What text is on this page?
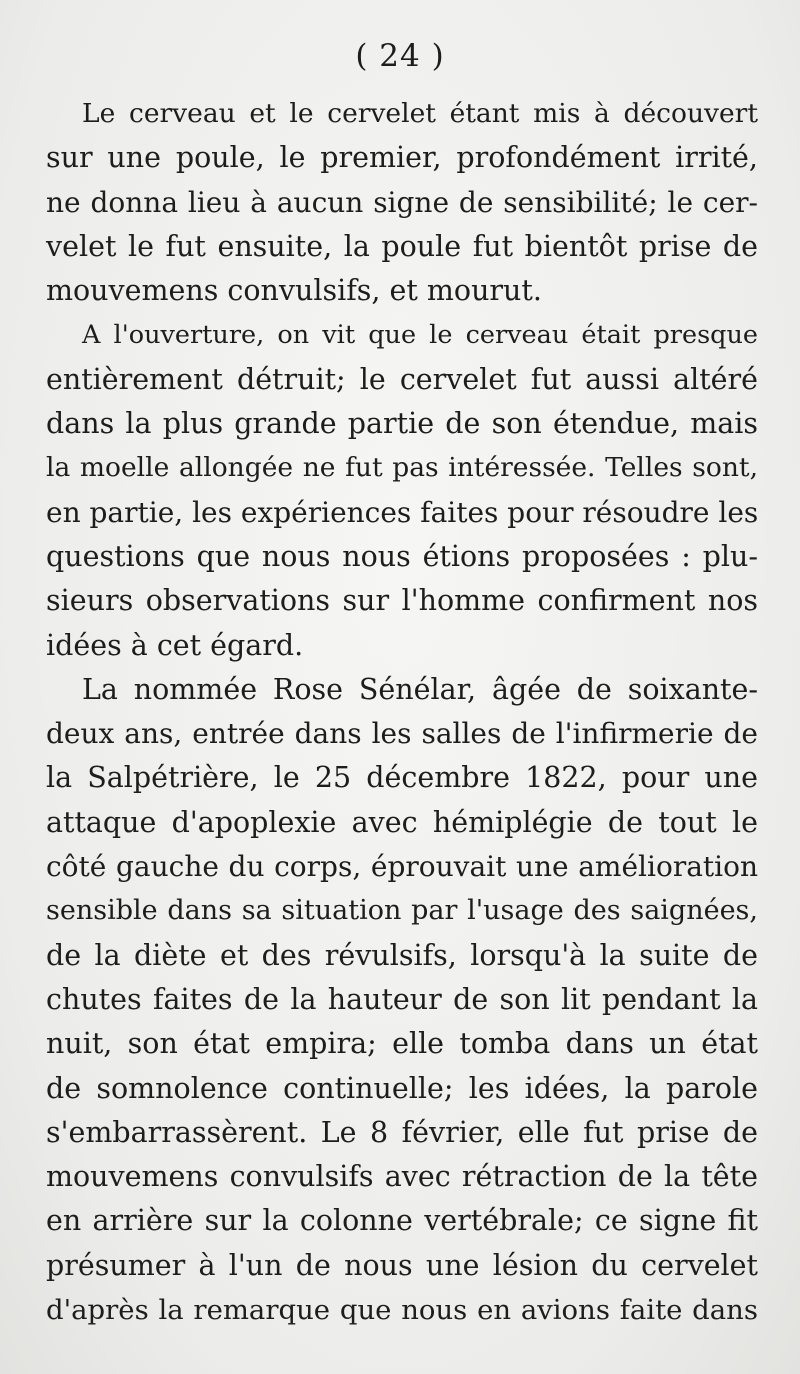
( 24 )
Le cerveau et le cervelet étant mis à découvert
sur une poule, le premier, profondément irrité,
ne donna lieu à aucun signe de sensibilité; le cer-
velet le fut ensuite, la poule fut bientôt prise de
mouvemens convulsifs, et mourut.
A l'ouverture, on vit que le cerveau était presque
entièrement détruit; le cervelet fut aussi altéré
dans la plus grande partie de son étendue, mais
la moelle allongée ne fut pas intéressée. Telles sont,
en partie, les expériences faites pour résoudre les
questions que nous nous étions proposées : plu-
sieurs observations sur l'homme confirment nos
idées à cet égard.
La nommée Rose Sénélar, âgée de soixante-
deux ans, entrée dans les salles de l'infirmerie de
la Salpétrière, le 25 décembre 1822, pour une
attaque d'apoplexie avec hémiplégie de tout le
côté gauche du corps, éprouvait une amélioration
sensible dans sa situation par l'usage des saignées,
de la diète et des révulsifs, lorsqu'à la suite de
chutes faites de la hauteur de son lit pendant la
nuit, son état empira; elle tomba dans un état
de somnolence continuelle; les idées, la parole
s'embarrassèrent. Le 8 février, elle fut prise de
mouvemens convulsifs avec rétraction de la tête
en arrière sur la colonne vertébrale; ce signe fit
présumer à l'un de nous une lésion du cervelet
d'après la remarque que nous en avions faite dans
